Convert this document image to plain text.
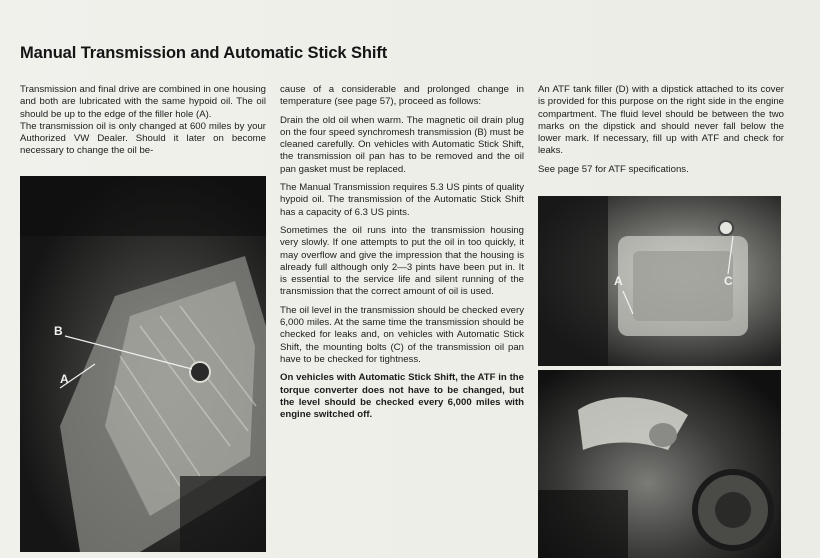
Manual Transmission and Automatic Stick Shift

Transmission and final drive are combined in one housing and both are lubricated with the same hypoid oil. The oil should be up to the edge of the filler hole (A).

The transmission oil is only changed at 600 miles by your Authorized VW Dealer. Should it later on become necessary to change the oil be-

B
A

cause of a considerable and prolonged change in temperature (see page 57), proceed as follows:

Drain the old oil when warm. The magnetic oil drain plug on the four speed synchromesh transmission (B) must be cleaned carefully. On vehicles with Automatic Stick Shift, the transmission oil pan has to be removed and the oil pan gasket must be replaced.

The Manual Transmission requires 5.3 US pints of quality hypoid oil. The transmission of the Automatic Stick Shift has a capacity of 6.3 US pints.

Sometimes the oil runs into the transmission housing very slowly. If one attempts to put the oil in too quickly, it may overflow and give the impression that the housing is already full although only 2—3 pints have been put in. It is essential to the service life and silent running of the transmission that the correct amount of oil is used.

The oil level in the transmission should be checked every 6,000 miles. At the same time the transmission should be checked for leaks and, on vehicles with Automatic Stick Shift, the mounting bolts (C) of the transmission oil pan have to be checked for tightness.

On vehicles with Automatic Stick Shift, the ATF in the torque converter does not have to be changed, but the level should be checked every 6,000 miles with engine switched off.

An ATF tank filler (D) with a dipstick attached to its cover is provided for this purpose on the right side in the engine compartment. The fluid level should be between the two marks on the dipstick and should never fall below the lower mark. If necessary, fill up with ATF and check for leaks.

See page 57 for ATF specifications.

A	C
